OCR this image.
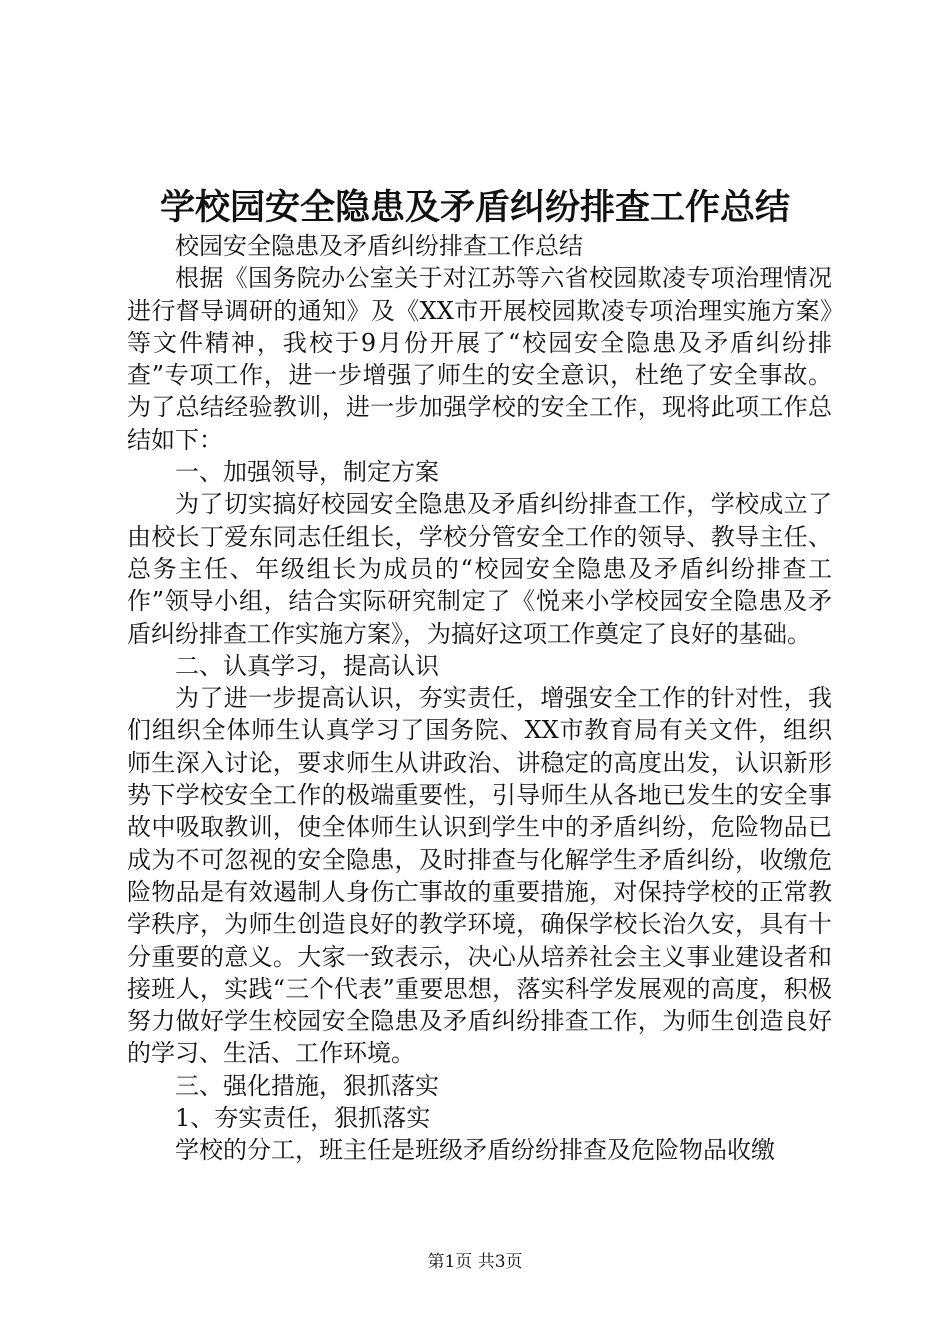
学校园安全隐患及矛盾纠纷排查工作总结

校园安全隐患及矛盾纠纷排查工作总结

根据《国务院办公室关于对江苏等六省校园欺凌专项治理情况进行督导调研的通知》及《XX市开展校园欺凌专项治理实施方案》等文件精神，我校于9月份开展了“校园安全隐患及矛盾纠纷排查”专项工作，进一步增强了师生的安全意识，杜绝了安全事故。为了总结经验教训，进一步加强学校的安全工作，现将此项工作总结如下：

一、加强领导，制定方案

为了切实搞好校园安全隐患及矛盾纠纷排查工作，学校成立了由校长丁爱东同志任组长，学校分管安全工作的领导、教导主任、总务主任、年级组长为成员的“校园安全隐患及矛盾纠纷排查工作”领导小组，结合实际研究制定了《悦来小学校园安全隐患及矛盾纠纷排查工作实施方案》，为搞好这项工作奠定了良好的基础。

二、认真学习，提高认识

为了进一步提高认识，夯实责任，增强安全工作的针对性，我们组织全体师生认真学习了国务院、XX市教育局有关文件，组织师生深入讨论，要求师生从讲政治、讲稳定的高度出发，认识新形势下学校安全工作的极端重要性，引导师生从各地已发生的安全事故中吸取教训，使全体师生认识到学生中的矛盾纠纷，危险物品已成为不可忽视的安全隐患，及时排查与化解学生矛盾纠纷，收缴危险物品是有效遏制人身伤亡事故的重要措施，对保持学校的正常教学秩序，为师生创造良好的教学环境，确保学校长治久安，具有十分重要的意义。大家一致表示，决心从培养社会主义事业建设者和接班人，实践“三个代表”重要思想，落实科学发展观的高度，积极努力做好学生校园安全隐患及矛盾纠纷排查工作，为师生创造良好的学习、生活、工作环境。

三、强化措施，狠抓落实

1、夯实责任，狠抓落实

学校的分工，班主任是班级矛盾纷纷排查及危险物品收缴

第1页 共3页
